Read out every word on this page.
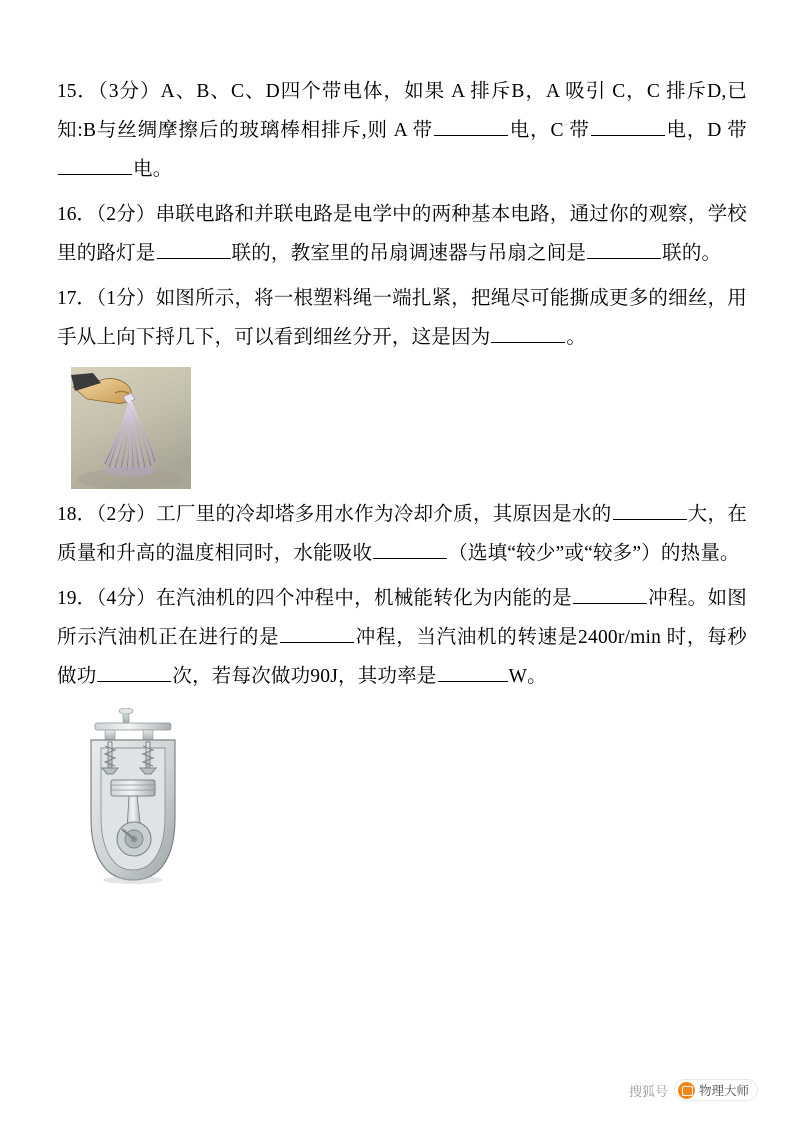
15．（3分）A、B、C、D四个带电体，如果 A 排斥B，A 吸引 C，C 排斥D,已知:B与丝绸摩擦后的玻璃棒相排斥,则 A 带	电，C 带	电，D 带电。
16．（2分）串联电路和并联电路是电学中的两种基本电路，通过你的观察，学校里的路灯是	联的，教室里的吊扇调速器与吊扇之间是	联的。
17．（1分）如图所示，将一根塑料绳一端扎紧，把绳尽可能撕成更多的细丝，用手从上向下捋几下，可以看到细丝分开，这是因为	。
18．（2分）工厂里的冷却塔多用水作为冷却介质，其原因是水的	大，在质量和升高的温度相同时，水能吸收	（选填“较少”或“较多”）的热量。
19．（4分）在汽油机的四个冲程中，机械能转化为内能的是	冲程。如图所示汽油机正在进行的是	冲程，当汽油机的转速是2400r/min 时，每秒做功	次，若每次做功90J，其功率是	W。
搜狐号 物理大师
